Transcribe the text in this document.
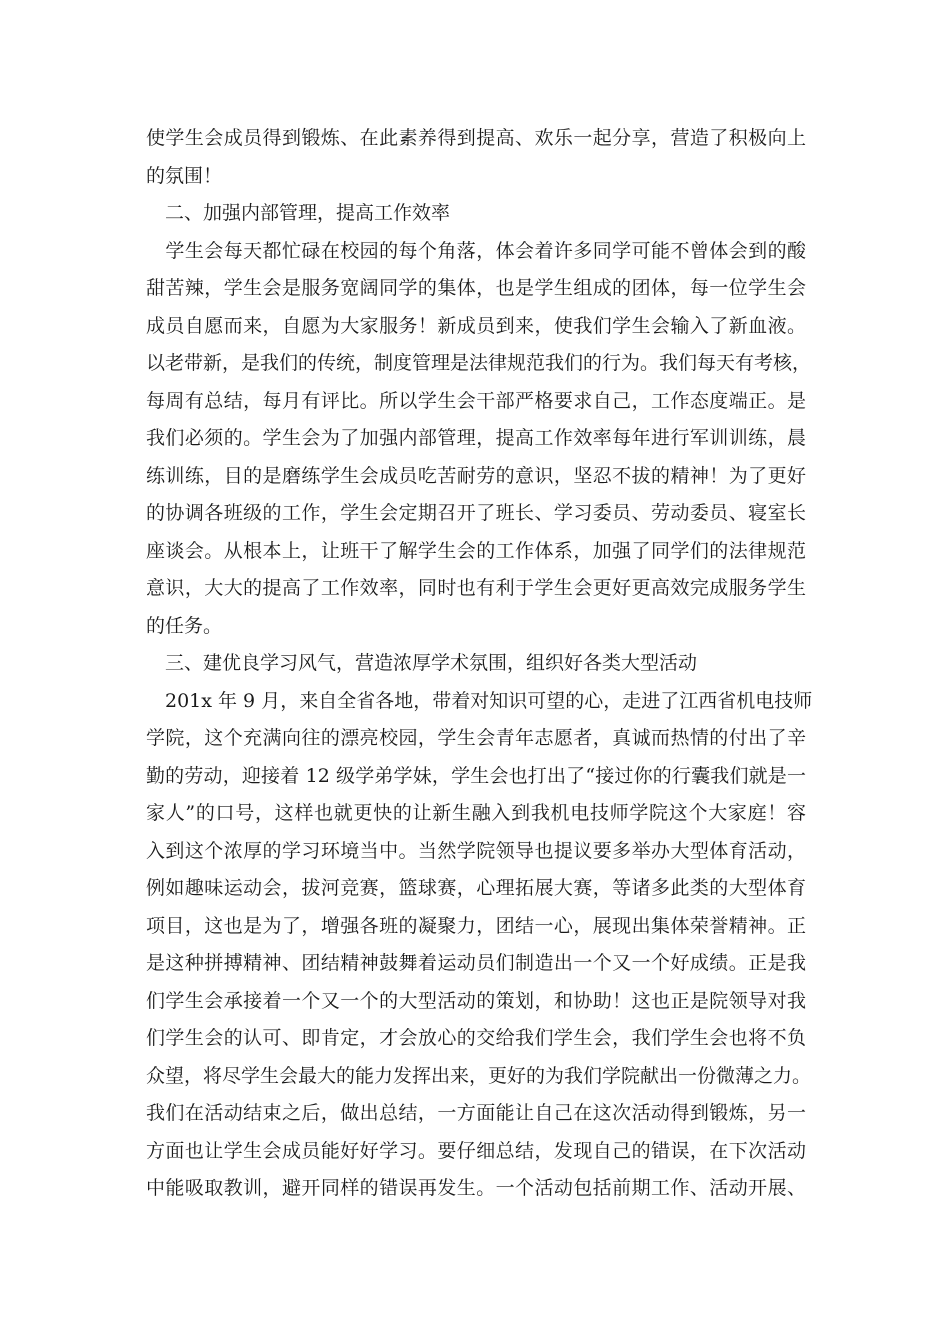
使学生会成员得到锻炼、在此素养得到提高、欢乐一起分享，营造了积极向上
的氛围！
　二、加强内部管理，提高工作效率
　学生会每天都忙碌在校园的每个角落，体会着许多同学可能不曾体会到的酸
甜苦辣，学生会是服务宽阔同学的集体，也是学生组成的团体，每一位学生会
成员自愿而来，自愿为大家服务！新成员到来，使我们学生会输入了新血液。
以老带新，是我们的传统，制度管理是法律规范我们的行为。我们每天有考核，
每周有总结，每月有评比。所以学生会干部严格要求自己，工作态度端正。是
我们必须的。学生会为了加强内部管理，提高工作效率每年进行军训训练，晨
练训练，目的是磨练学生会成员吃苦耐劳的意识，坚忍不拔的精神！为了更好
的协调各班级的工作，学生会定期召开了班长、学习委员、劳动委员、寝室长
座谈会。从根本上，让班干了解学生会的工作体系，加强了同学们的法律规范
意识，大大的提高了工作效率，同时也有利于学生会更好更高效完成服务学生
的任务。
　三、建优良学习风气，营造浓厚学术氛围，组织好各类大型活动
　201x 年 9 月，来自全省各地，带着对知识可望的心，走进了江西省机电技师
学院，这个充满向往的漂亮校园，学生会青年志愿者，真诚而热情的付出了辛
勤的劳动，迎接着 12 级学弟学妹，学生会也打出了“接过你的行囊我们就是一
家人”的口号，这样也就更快的让新生融入到我机电技师学院这个大家庭！容
入到这个浓厚的学习环境当中。当然学院领导也提议要多举办大型体育活动，
例如趣味运动会，拔河竞赛，篮球赛，心理拓展大赛，等诸多此类的大型体育
项目，这也是为了，增强各班的凝聚力，团结一心，展现出集体荣誉精神。正
是这种拼搏精神、团结精神鼓舞着运动员们制造出一个又一个好成绩。正是我
们学生会承接着一个又一个的大型活动的策划，和协助！这也正是院领导对我
们学生会的认可、即肯定，才会放心的交给我们学生会，我们学生会也将不负
众望，将尽学生会最大的能力发挥出来，更好的为我们学院献出一份微薄之力。
我们在活动结束之后，做出总结，一方面能让自己在这次活动得到锻炼，另一
方面也让学生会成员能好好学习。要仔细总结，发现自己的错误，在下次活动
中能吸取教训，避开同样的错误再发生。一个活动包括前期工作、活动开展、
